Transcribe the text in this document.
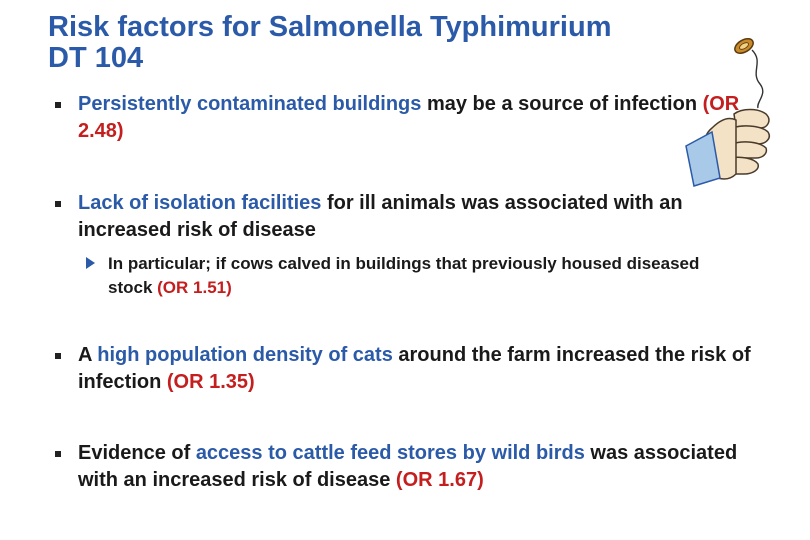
Risk factors for Salmonella Typhimurium
DT 104
Persistently contaminated buildings may be a source of infection (OR 2.48)
Lack of isolation facilities for ill animals was associated with an increased risk of disease
In particular; if cows calved in buildings that previously housed diseased stock (OR 1.51)
A high population density of cats around the farm increased the risk of infection (OR 1.35)
Evidence of access to cattle feed stores by wild birds was associated with an increased risk of disease (OR 1.67)
